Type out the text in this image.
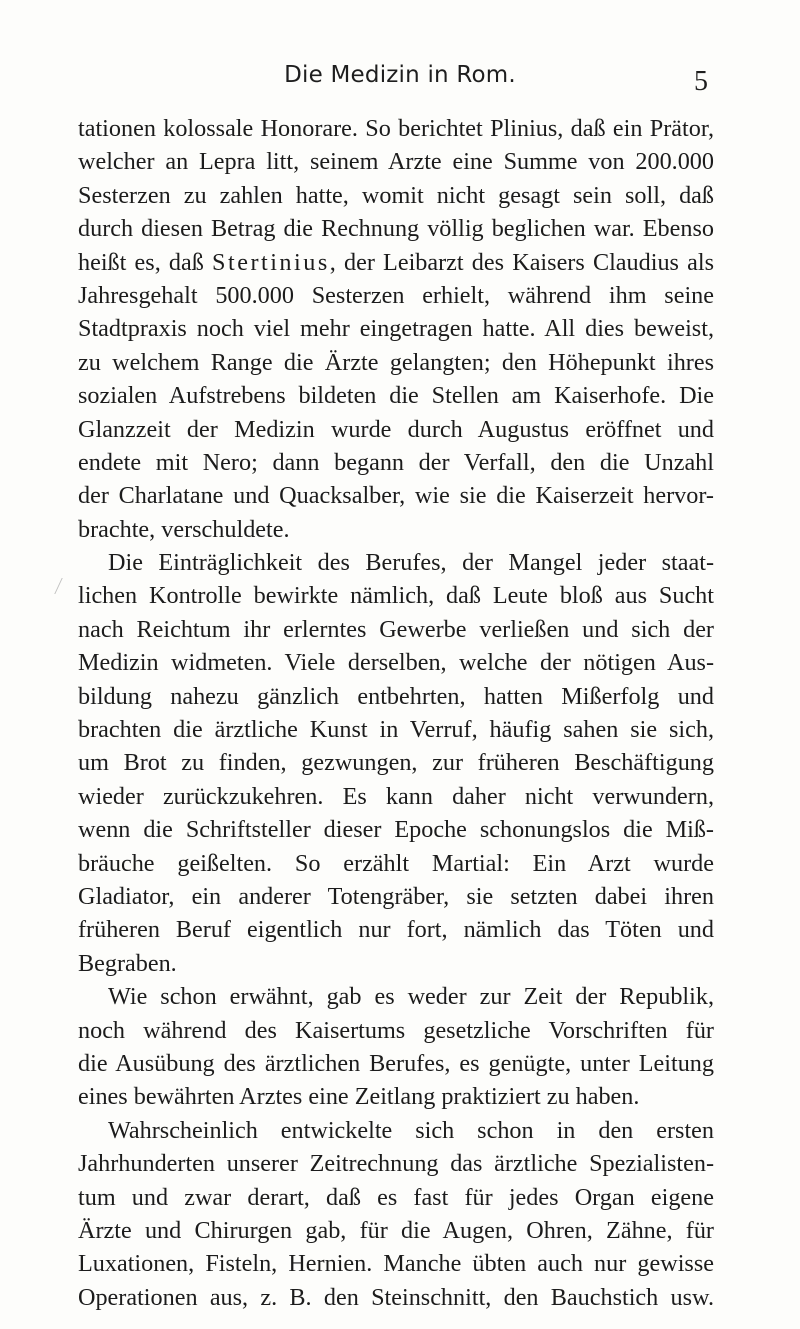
Die Medizin in Rom.	5
tationen kolossale Honorare. So berichtet Plinius, daß ein Prätor,
welcher an Lepra litt, seinem Arzte eine Summe von 200.000
Sesterzen zu zahlen hatte, womit nicht gesagt sein soll, daß
durch diesen Betrag die Rechnung völlig beglichen war. Ebenso
heißt es, daß Stertinius, der Leibarzt des Kaisers Claudius als
Jahresgehalt 500.000 Sesterzen erhielt, während ihm seine
Stadtpraxis noch viel mehr eingetragen hatte. All dies beweist,
zu welchem Range die Ärzte gelangten; den Höhepunkt ihres
sozialen Aufstrebens bildeten die Stellen am Kaiserhofe. Die
Glanzzeit der Medizin wurde durch Augustus eröffnet und
endete mit Nero; dann begann der Verfall, den die Unzahl
der Charlatane und Quacksalber, wie sie die Kaiserzeit hervor-
brachte, verschuldete.
Die Einträglichkeit des Berufes, der Mangel jeder staat-
lichen Kontrolle bewirkte nämlich, daß Leute bloß aus Sucht
nach Reichtum ihr erlerntes Gewerbe verließen und sich der
Medizin widmeten. Viele derselben, welche der nötigen Aus-
bildung nahezu gänzlich entbehrten, hatten Mißerfolg und
brachten die ärztliche Kunst in Verruf, häufig sahen sie sich,
um Brot zu finden, gezwungen, zur früheren Beschäftigung
wieder zurückzukehren. Es kann daher nicht verwundern,
wenn die Schriftsteller dieser Epoche schonungslos die Miß-
bräuche geißelten. So erzählt Martial: Ein Arzt wurde
Gladiator, ein anderer Totengräber, sie setzten dabei ihren
früheren Beruf eigentlich nur fort, nämlich das Töten und
Begraben.
Wie schon erwähnt, gab es weder zur Zeit der Republik,
noch während des Kaisertums gesetzliche Vorschriften für
die Ausübung des ärztlichen Berufes, es genügte, unter Leitung
eines bewährten Arztes eine Zeitlang praktiziert zu haben.
Wahrscheinlich entwickelte sich schon in den ersten
Jahrhunderten unserer Zeitrechnung das ärztliche Spezialisten-
tum und zwar derart, daß es fast für jedes Organ eigene
Ärzte und Chirurgen gab, für die Augen, Ohren, Zähne, für
Luxationen, Fisteln, Hernien. Manche übten auch nur gewisse
Operationen aus, z. B. den Steinschnitt, den Bauchstich usw.
